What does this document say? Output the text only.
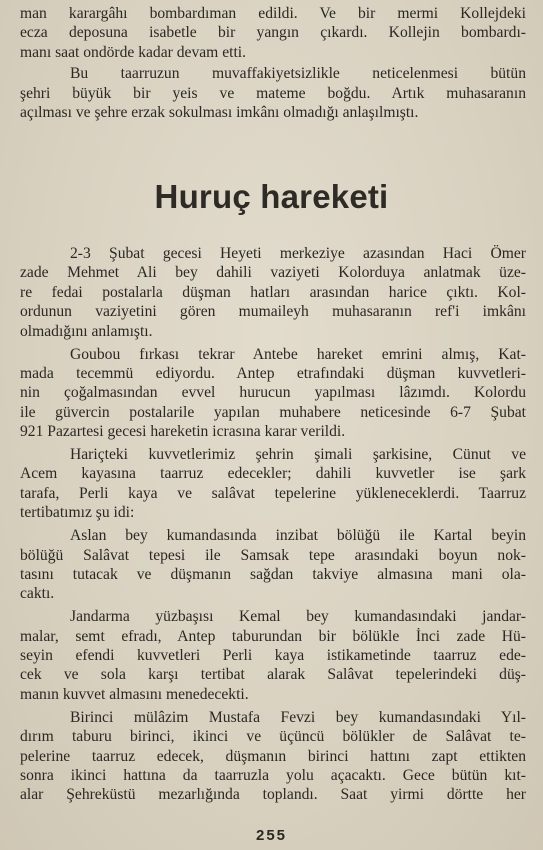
man karargâhı bombardıman edildi. Ve bir mermi Kollejdeki
ecza deposuna isabetle bir yangın çıkardı. Kollejin bombardı-
manı saat ondörde kadar devam etti.

Bu taarruzun muvaffakiyetsizlikle neticelenmesi bütün
şehri büyük bir yeis ve mateme boğdu. Artık muhasaranın
açılması ve şehre erzak sokulması imkânı olmadığı anlaşılmıştı.

Huruç hareketi

2-3 Şubat gecesi Heyeti merkeziye azasından Haci Ömer
zade Mehmet Ali bey dahili vaziyeti Kolorduya anlatmak üze-
re fedai postalarla düşman hatları arasından harice çıktı. Kol-
ordunun vaziyetini gören mumaileyh muhasaranın ref'i imkânı
olmadığını anlamıştı.

Goubou fırkası tekrar Antebe hareket emrini almış, Kat-
mada tecemmü ediyordu. Antep etrafındaki düşman kuvvetleri-
nin çoğalmasından evvel hurucun yapılması lâzımdı. Kolordu
ile güvercin postalarile yapılan muhabere neticesinde 6-7 Şubat
921 Pazartesi gecesi hareketin icrasına karar verildi.

Hariçteki kuvvetlerimiz şehrin şimali şarkisine, Cünut ve
Acem kayasına taarruz edecekler; dahili kuvvetler ise şark
tarafa, Perli kaya ve salâvat tepelerine yükleneceklerdi. Taarruz
tertibatımız şu idi:

Aslan bey kumandasında inzibat bölüğü ile Kartal beyin
bölüğü Salâvat tepesi ile Samsak tepe arasındaki boyun nok-
tasını tutacak ve düşmanın sağdan takviye almasına mani ola-
caktı.

Jandarma yüzbaşısı Kemal bey kumandasındaki jandar-
malar, semt efradı, Antep taburundan bir bölükle İnci zade Hü-
seyin efendi kuvvetleri Perli kaya istikametinde taarruz ede-
cek ve sola karşı tertibat alarak Salâvat tepelerindeki düş-
manın kuvvet almasını menedecekti.

Birinci mülâzim Mustafa Fevzi bey kumandasındaki Yıl-
dırım taburu birinci, ikinci ve üçüncü bölükler de Salâvat te-
pelerine taarruz edecek, düşmanın birinci hattını zapt ettikten
sonra ikinci hattına da taarruzla yolu açacaktı. Gece bütün kıt-
alar Şehreküstü mezarlığında toplandı. Saat yirmi dörtte her

255
